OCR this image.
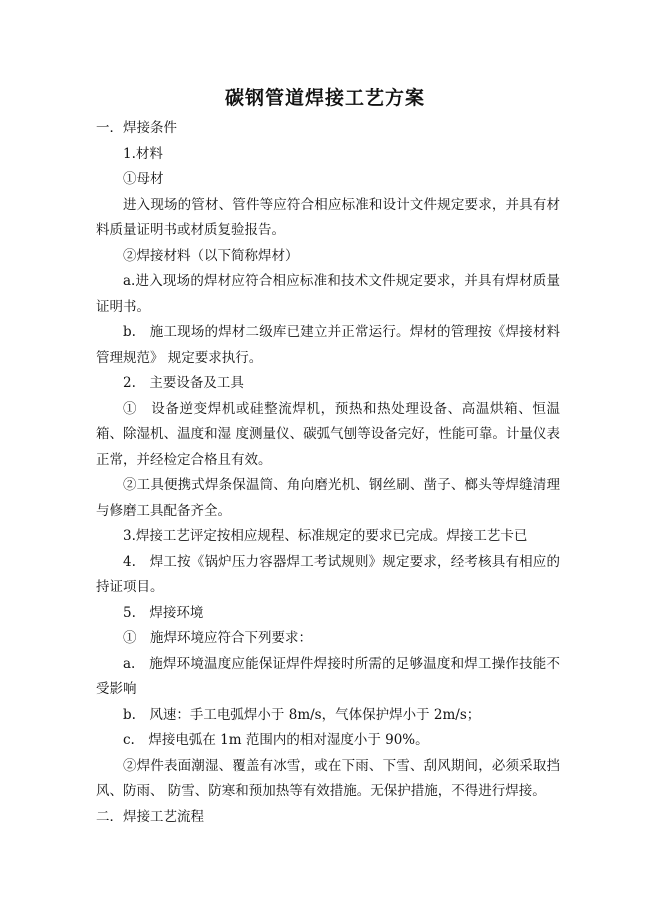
碳钢管道焊接工艺方案

一．焊接条件

1.材料

①母材

进入现场的管材、管件等应符合相应标准和设计文件规定要求，并具有材料质量证明书或材质复验报告。

②焊接材料（以下简称焊材）

a.进入现场的焊材应符合相应标准和技术文件规定要求，并具有焊材质量证明书。

b.　施工现场的焊材二级库已建立并正常运行。焊材的管理按《焊接材料管理规范》 规定要求执行。

2.　主要设备及工具

①　设备逆变焊机或硅整流焊机，预热和热处理设备、高温烘箱、恒温箱、除湿机、温度和湿 度测量仪、碳弧气刨等设备完好，性能可靠。计量仪表正常，并经检定合格且有效。

②工具便携式焊条保温筒、角向磨光机、钢丝刷、凿子、榔头等焊缝清理与修磨工具配备齐全。

3.焊接工艺评定按相应规程、标准规定的要求已完成。焊接工艺卡已

4.　焊工按《锅炉压力容器焊工考试规则》规定要求，经考核具有相应的持证项目。

5.　焊接环境

①　施焊环境应符合下列要求：

a.　施焊环境温度应能保证焊件焊接时所需的足够温度和焊工操作技能不受影响

b.　风速：手工电弧焊小于 8m/s，气体保护焊小于 2m/s；

c.　焊接电弧在 1m 范围内的相对湿度小于 90%。

②焊件表面潮湿、覆盖有冰雪，或在下雨、下雪、刮风期间，必须采取挡风、防雨、 防雪、防寒和预加热等有效措施。无保护措施，不得进行焊接。

二．焊接工艺流程
